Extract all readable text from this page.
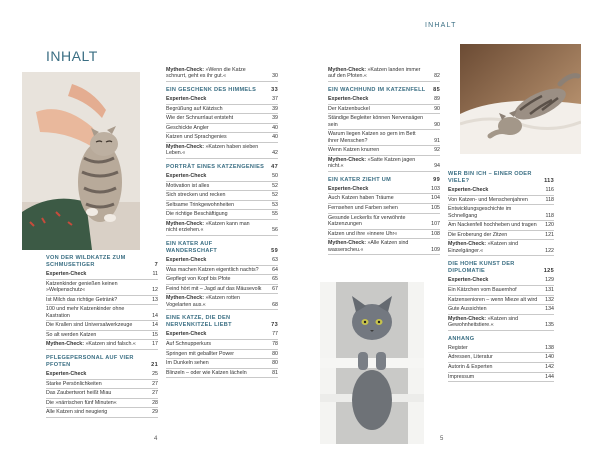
INHALT
INHALT
VON DER WILDKATZE ZUM SCHMUSETIGER	7
Experten-Check	11
Katzenkinder genießen keinen »Welpenschutz«	12
Ist Milch das richtige Getränk?	13
100 und mehr Katzenkinder ohne Kastration	14
Die Krallen sind Universalwerkzeuge	14
So alt werden Katzen	15
Mythen-Check: »Katzen sind falsch.«	17
PFLEGEPERSONAL AUF VIER PFOTEN	21
Experten-Check	25
Starke Persönlichkeiten	27
Das Zaubertwort heißt Miau	27
Die »närrischen fünf Minuten«	28
Alle Katzen sind neugierig	29
Mythen-Check: »Wenn die Katze schnurrt, geht es ihr gut.«	30
EIN GESCHENK DES HIMMELS	33
Experten-Check	37
Begrüßung auf Kätzisch	39
Wie der Schnurrlaut entsteht	39
Geschickte Angler	40
Katzen und Sprachgenies	40
Mythen-Check: »Katzen haben sieben Leben.«	42
PORTRÄT EINES KATZENGENIES	47
Experten-Check	50
Motivation ist alles	52
Sich strecken und recken	52
Seltsame Trinkgewohnheiten	53
Die richtige Beschäftigung	55
Mythen-Check: »Katzen kann man nicht erziehen.«	56
EIN KATER AUF WANDERSCHAFT	59
Experten-Check	63
Was machen Katzen eigentlich nachts?	64
Gepflegt von Kopf bis Pfote	65
Feind hört mit – Jagd auf das Mäusevolk	67
Mythen-Check: »Katzen rotten Vogelarten aus.«	68
EINE KATZE, DIE DEN NERVENKITZEL LIEBT	73
Experten-Check	77
Auf Schnupperkurs	78
Springen mit geballter Power	80
Im Dunkeln sehen	80
Blinzeln – oder wie Katzen lächeln	81
Mythen-Check: »Katzen landen immer auf den Pfoten.«	82
EIN WACHHUND IM KATZENFELL	85
Experten-Check	89
Der Katzenbuckel	90
Ständige Begleiter können Nervensägen sein	90
Warum liegen Katzen so gern im Bett ihrer Menschen?	91
Wenn Katzen knurren	92
Mythen-Check: »Satte Katzen jagen nicht.«	94
EIN KATER ZIEHT UM	99
Experten-Check	103
Auch Katzen haben Träume	104
Fernsehen und Farben sehen	105
Gesunde Leckerlis für verwöhnte Katzenzungen	107
Katzen und ihre »innere Uhr«	108
Mythen-Check: »Alle Katzen sind wasserscheu.«	109
WER BIN ICH – EINER ODER VIELE?	113
Experten-Check	116
Von Katzen- und Menschenjahren	118
Entwicklungsgeschichte im Schnellgang	118
Am Nackenfell hochheben und tragen	120
Die Eroberung der Zitzen	121
Mythen-Check: »Katzen sind Einzelgänger.«	122
DIE HOHE KUNST DER DIPLOMATIE	125
Experten-Check	129
Ein Kätzchen vom Bauernhof	131
Katzensenioren – wenn Mieze alt wird	132
Gute Aussichten	134
Mythen-Check: »Katzen sind Gewohnheitstiere.«	135
ANHANG
Register	138
Adressen, Literatur	140
Autorin & Experten	142
Impressum	144
4	5
